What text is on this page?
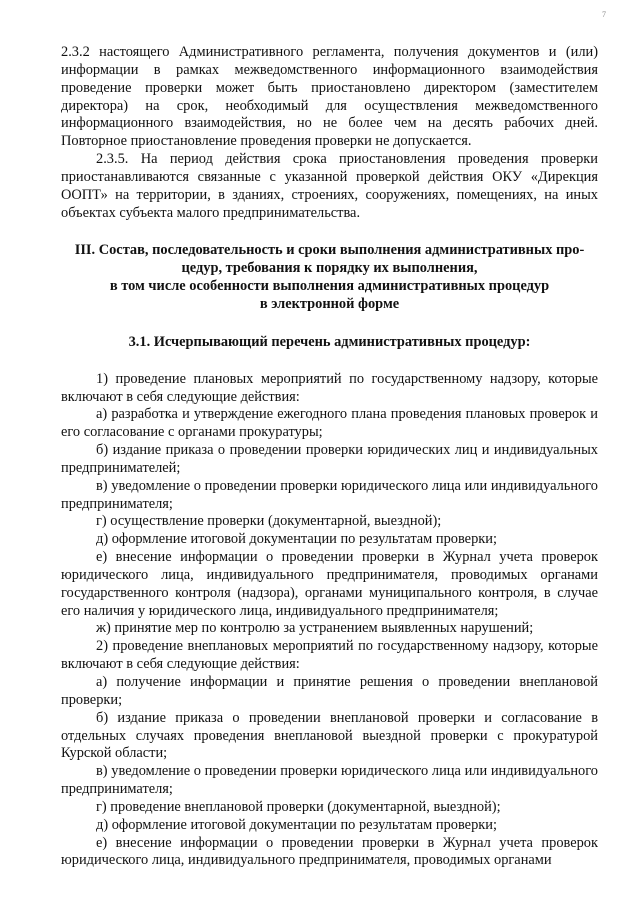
7

2.3.2 настоящего Административного регламента, получения документов и (или) информации в рамках межведомственного информационного взаимодействия проведение проверки может быть приостановлено директором (заместителем директора) на срок, необходимый для осуществления межведомственного информационного взаимодействия, но не более чем на десять рабочих дней. Повторное приостановление проведения проверки не допускается.

2.3.5. На период действия срока приостановления проведения проверки приостанавливаются связанные с указанной проверкой действия ОКУ «Дирекция ООПТ» на территории, в зданиях, строениях, сооружениях, помещениях, на иных объектах субъекта малого предпринимательства.

III. Состав, последовательность и сроки выполнения административных про-
цедур, требования к порядку их выполнения,
в том числе особенности выполнения административных процедур
в электронной форме
3.1. Исчерпывающий перечень административных процедур:

1) проведение плановых мероприятий по государственному надзору, которые включают в себя следующие действия:

а) разработка и утверждение ежегодного плана проведения плановых проверок и его согласование с органами прокуратуры;

б) издание приказа о проведении проверки юридических лиц и индивидуальных предпринимателей;

в) уведомление о проведении проверки юридического лица или индивидуального предпринимателя;

г) осуществление проверки (документарной, выездной);

д) оформление итоговой документации по результатам проверки;

е) внесение информации о проведении проверки в Журнал учета проверок юридического лица, индивидуального предпринимателя, проводимых органами государственного контроля (надзора), органами муниципального контроля, в случае его наличия у юридического лица, индивидуального предпринимателя;

ж) принятие мер по контролю за устранением выявленных нарушений;

2) проведение внеплановых мероприятий по государственному надзору, которые включают в себя следующие действия:

а) получение информации и принятие решения о проведении внеплановой проверки;

б) издание приказа о проведении внеплановой проверки и согласование в отдельных случаях проведения внеплановой выездной проверки с прокуратурой Курской области;

в) уведомление о проведении проверки юридического лица или индивидуального предпринимателя;

г) проведение внеплановой проверки (документарной, выездной);

д) оформление итоговой документации по результатам проверки;

е) внесение информации о проведении проверки в Журнал учета проверок юридического лица, индивидуального предпринимателя, проводимых органами
